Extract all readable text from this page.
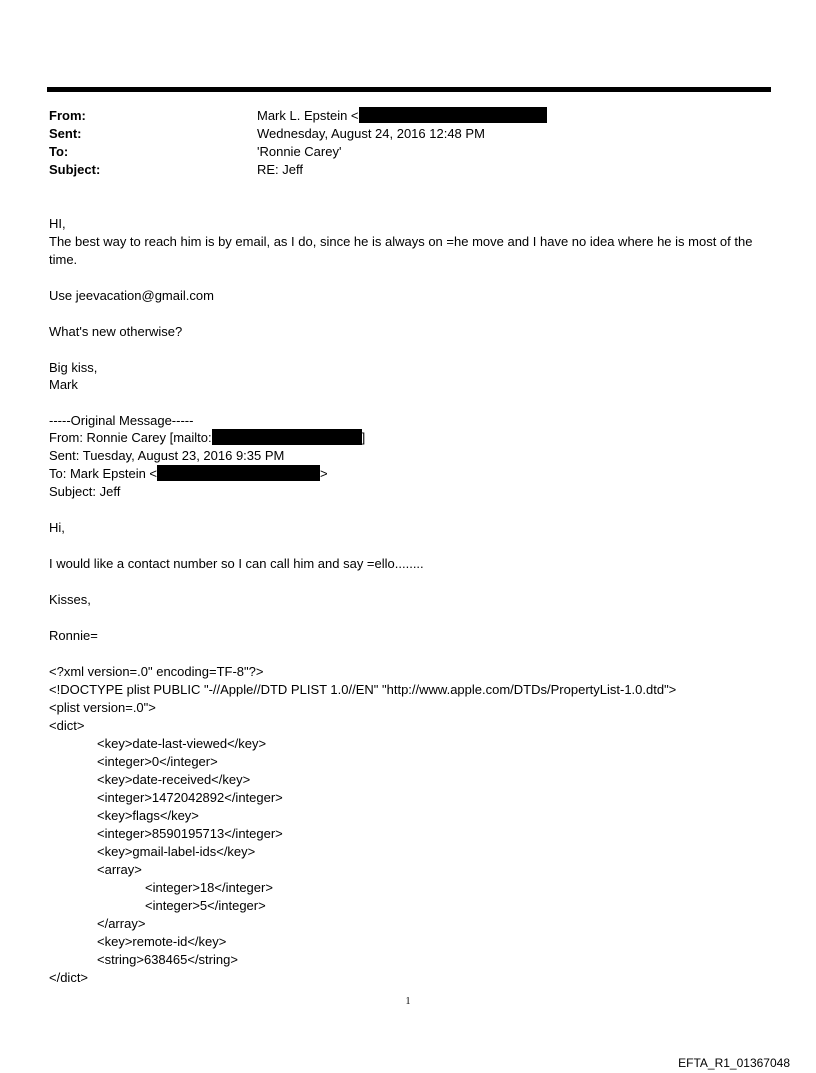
From:	Mark L. Epstein <
Sent:	Wednesday, August 24, 2016 12:48 PM
To:	'Ronnie Carey'
Subject:	RE: Jeff
HI,
The best way to reach him is by email, as I do, since he is always on =he move and I have no idea where he is most of the time.
Use jeevacation@gmail.com
What's new otherwise?
Big kiss,
Mark
-----Original Message-----
From: Ronnie Carey [mailto:	]
Sent: Tuesday, August 23, 2016 9:35 PM
To: Mark Epstein <	>
Subject: Jeff
Hi,
I would like a contact number so I can call him and say =ello........
Kisses,
Ronnie=
<?xml version=.0" encoding=TF-8"?>
<!DOCTYPE plist PUBLIC "-//Apple//DTD PLIST 1.0//EN" "http://www.apple.com/DTDs/PropertyList-1.0.dtd">
<plist version=.0">
<dict>
<key>date-last-viewed</key>
<integer>0</integer>
<key>date-received</key>
<integer>1472042892</integer>
<key>flags</key>
<integer>8590195713</integer>
<key>gmail-label-ids</key>
<array>
<integer>18</integer>
<integer>5</integer>
</array>
<key>remote-id</key>
<string>638465</string>
</dict>
1
EFTA_R1_01367048
